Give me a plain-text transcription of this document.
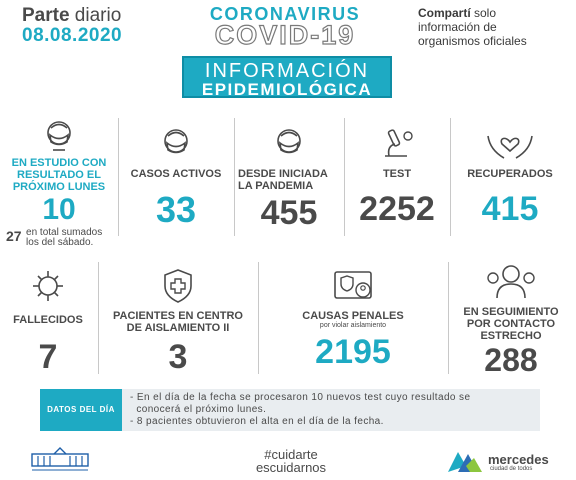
Parte diario
08.08.2020
CORONAVIRUS
COVID-19
Compartí solo
información de
organismos oficiales
INFORMACIÓN
EPIDEMIOLÓGICA
EN ESTUDIO CON
RESULTADO EL
PRÓXIMO LUNES
10
27 en total sumados
los del sábado.
CASOS ACTIVOS
33
DESDE INICIADA
LA PANDEMIA
455
TEST
2252
RECUPERADOS
415
FALLECIDOS
7
PACIENTES EN CENTRO
DE AISLAMIENTO II
3
CAUSAS PENALES
por violar aislamiento
2195
EN SEGUIMIENTO
POR CONTACTO
ESTRECHO
288
DATOS DEL DÍA
- En el día de la fecha se procesaron 10 nuevos test cuyo resultado se
conocerá el próximo lunes.
- 8 pacientes obtuvieron el alta en el día de la fecha.
#cuidarte
escuidarnos
mercedes
ciudad de todos
